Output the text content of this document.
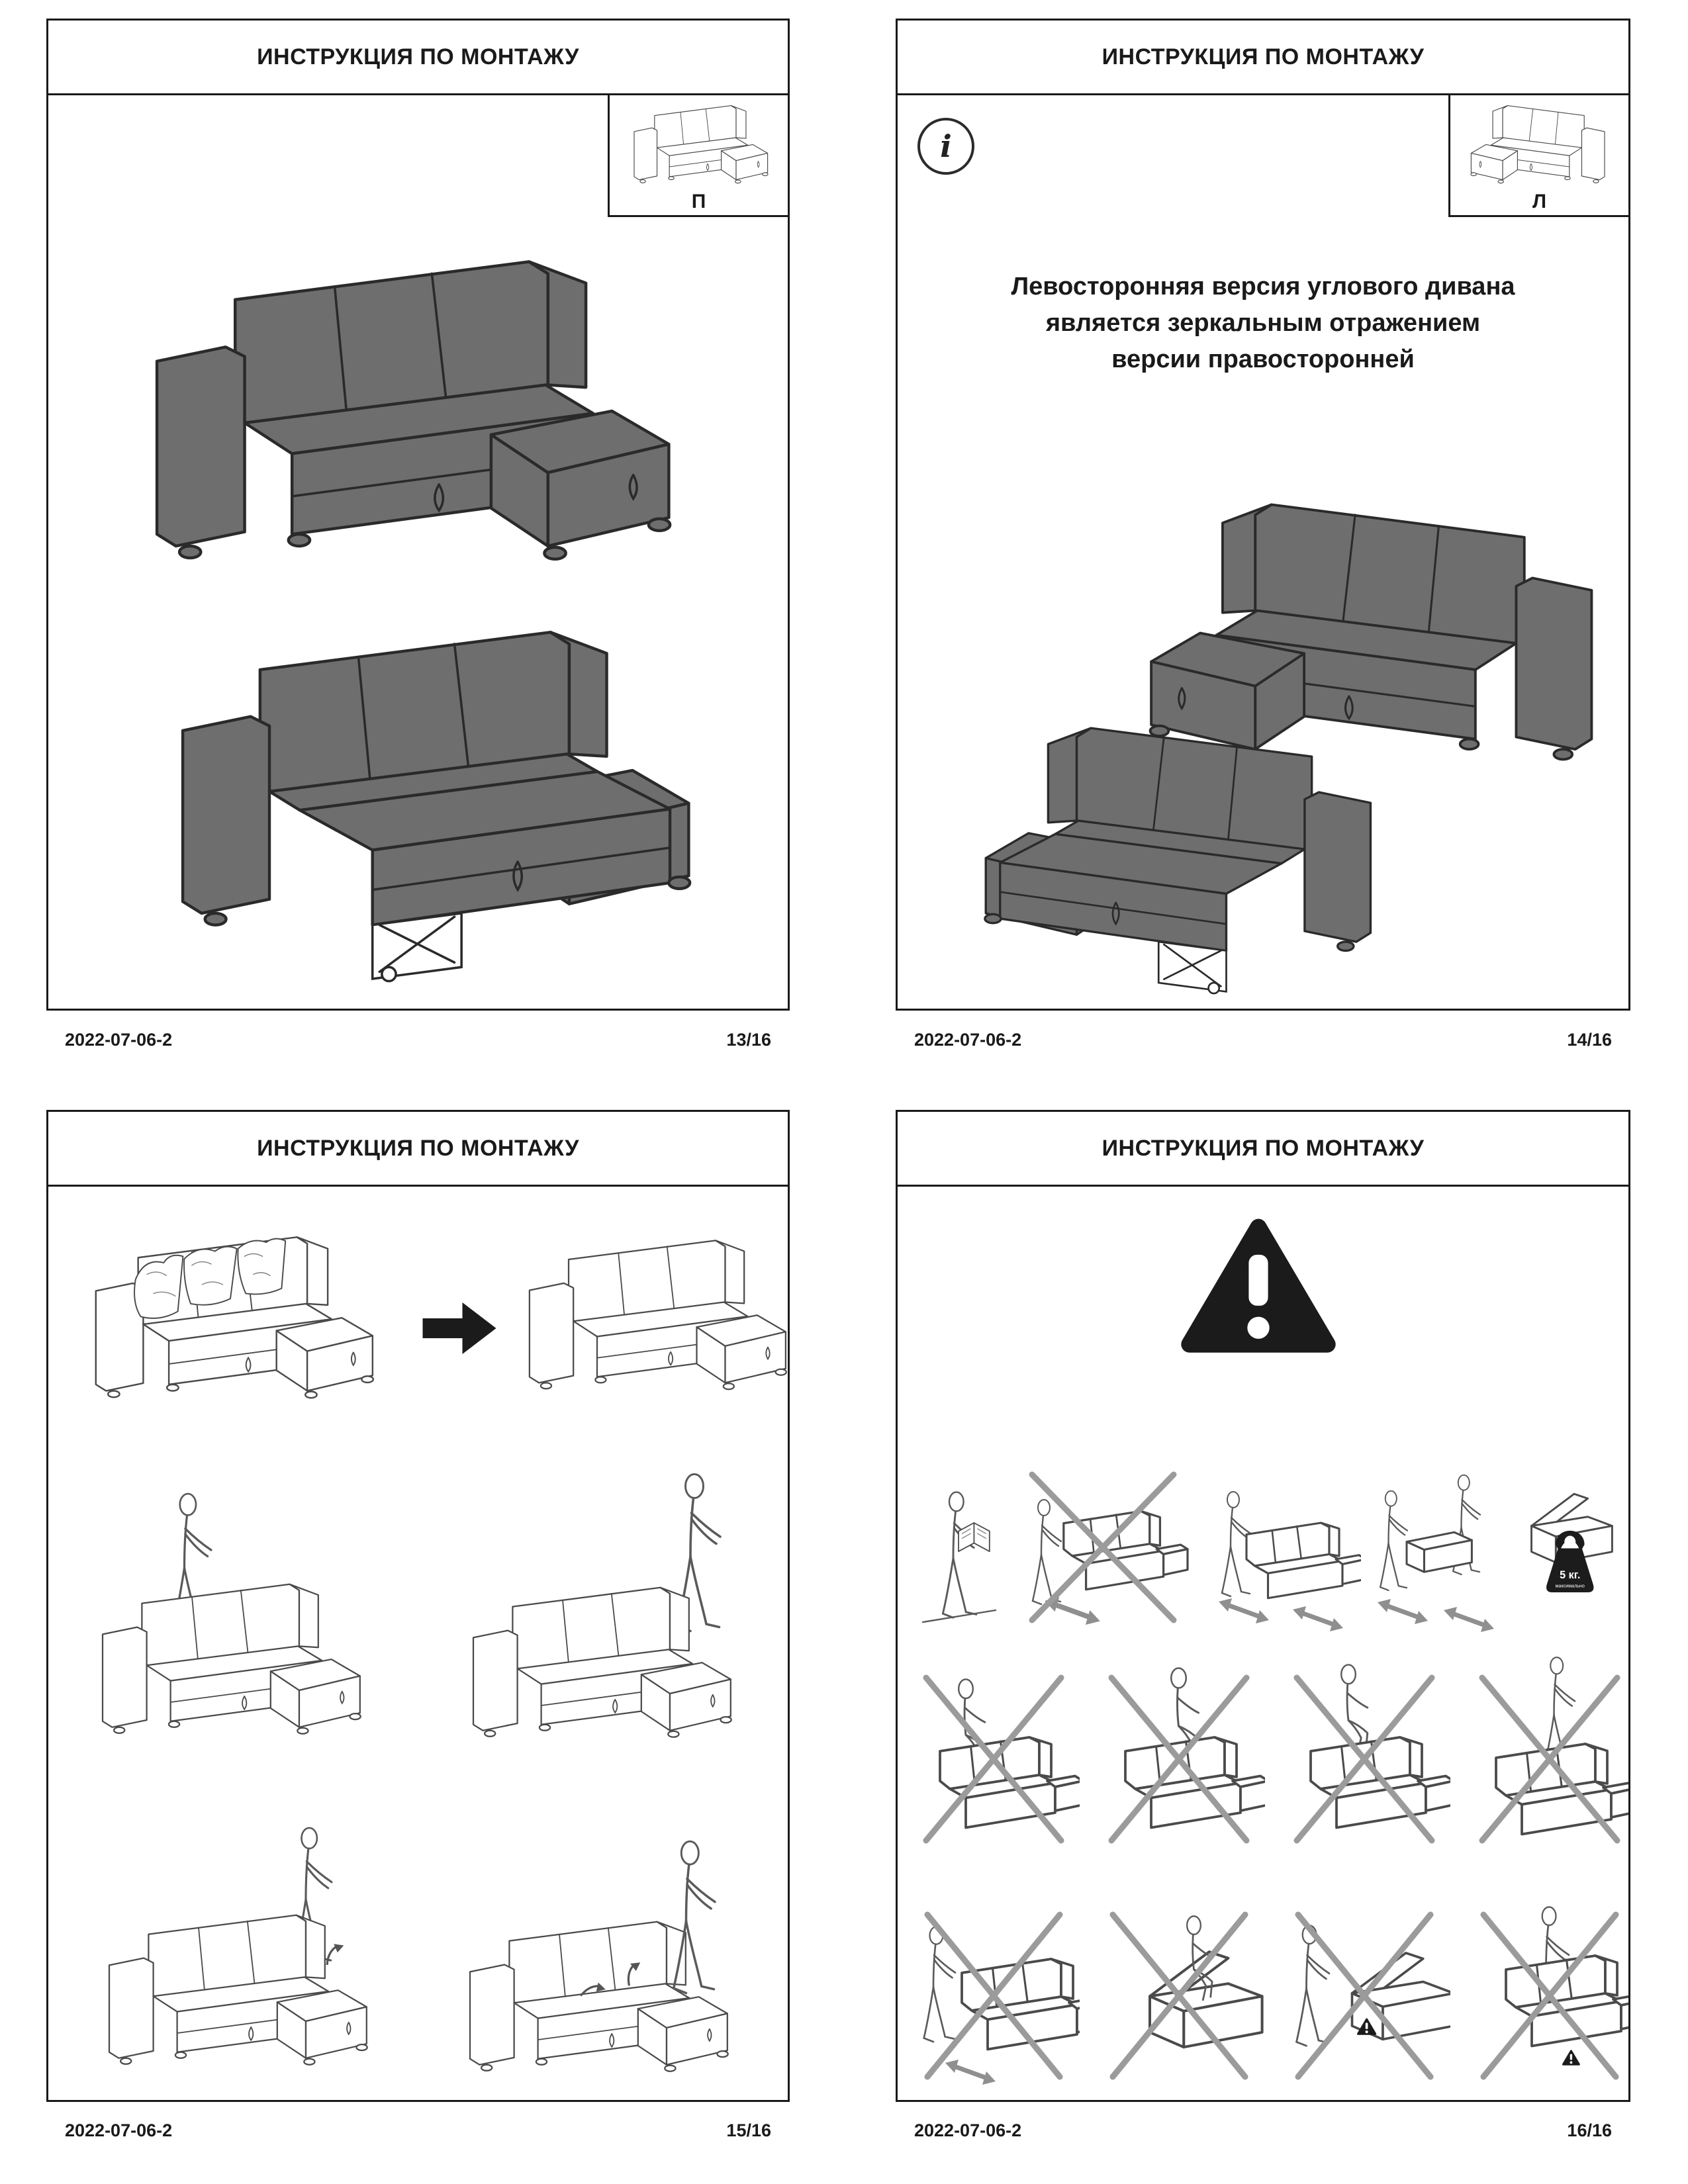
ИНСТРУКЦИЯ ПО МОНТАЖУ
П
2022-07-06-2	13/16
ИНСТРУКЦИЯ ПО МОНТАЖУ
i
Л
Левосторонняя версия углового дивана
является зеркальным отражением
версии правосторонней
2022-07-06-2	14/16
ИНСТРУКЦИЯ ПО МОНТАЖУ
2022-07-06-2	15/16
ИНСТРУКЦИЯ ПО МОНТАЖУ
5 кг.
максимально
2022-07-06-2	16/16
